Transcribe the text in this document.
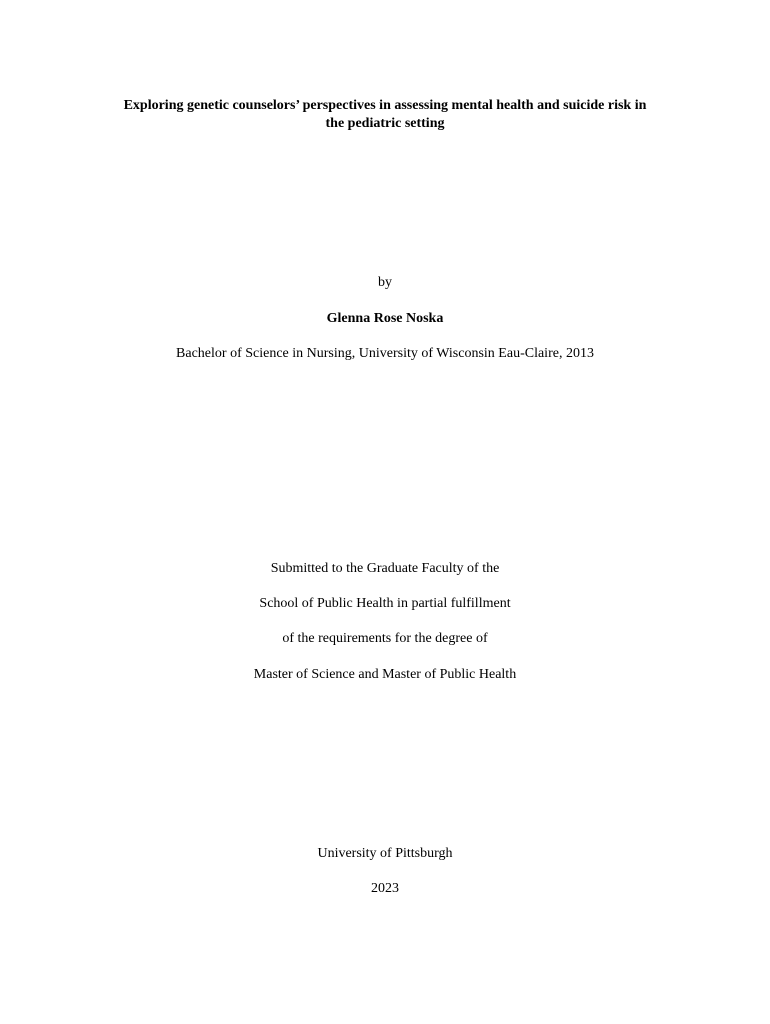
Exploring genetic counselors’ perspectives in assessing mental health and suicide risk in
the pediatric setting
by
Glenna Rose Noska
Bachelor of Science in Nursing, University of Wisconsin Eau-Claire, 2013
Submitted to the Graduate Faculty of the
School of Public Health in partial fulfillment
of the requirements for the degree of
Master of Science and Master of Public Health
University of Pittsburgh
2023
